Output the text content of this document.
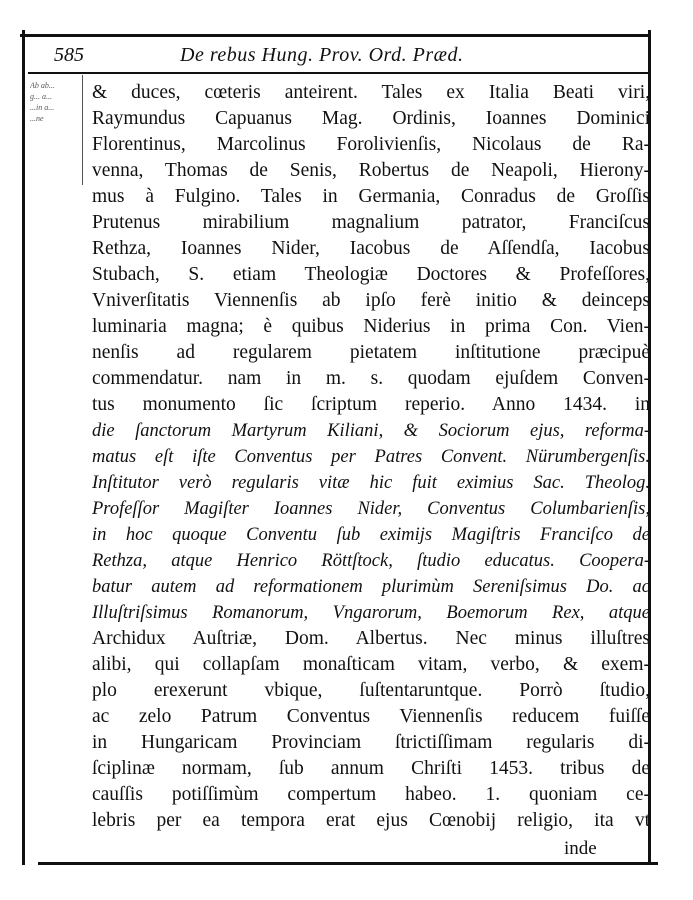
585	De rebus Hung. Prov. Ord. Præd.
Ab ab...
g... a...
...in a...
...ne
& duces, cœteris anteirent. Tales ex Italia Beati viri,
Raymundus Capuanus Mag. Ordinis, Ioannes Dominici
Florentinus, Marcolinus Forolivienſis, Nicolaus de Ra-
venna, Thomas de Senis, Robertus de Neapoli, Hierony-
mus à Fulgino. Tales in Germania, Conradus de Groſſis
Prutenus mirabilium magnalium patrator, Franciſcus
Rethza, Ioannes Nider, Iacobus de Aſſendſa, Iacobus
Stubach, S. etiam Theologiæ Doctores & Profeſſores,
Vniverſitatis Viennenſis ab ipſo ferè initio & deinceps
luminaria magna; è quibus Niderius in prima Con. Vien-
nenſis ad regularem pietatem inſtitutione præcipuè
commendatur. nam in m. s. quodam ejuſdem Conven-
tus monumento ſic ſcriptum reperio. Anno 1434. in
die ſanctorum Martyrum Kiliani, & Sociorum ejus, reforma-
matus eſt iſte Conventus per Patres Convent. Nürumbergenſis.
Inſtitutor verò regularis vitæ hic fuit eximius Sac. Theolog.
Profeſſor Magiſter Ioannes Nider, Conventus Columbarienſis,
in hoc quoque Conventu ſub eximijs Magiſtris Franciſco de
Rethza, atque Henrico Röttſtock, ſtudio educatus. Coopera-
batur autem ad reformationem plurimùm Sereniſsimus Do. ac
Illuſtriſsimus Romanorum, Vngarorum, Boemorum Rex, atque
Archidux Auſtriæ, Dom. Albertus. Nec minus illuſtres
alibi, qui collapſam monaſticam vitam, verbo, & exem-
plo erexerunt vbique, ſuſtentaruntque. Porrò ſtudio,
ac zelo Patrum Conventus Viennenſis reducem fuiſſe
in Hungaricam Provinciam ſtrictiſſimam regularis di-
ſciplinæ normam, ſub annum Chriſti 1453. tribus de
cauſſis potiſſimùm compertum habeo. 1. quoniam ce-
lebris per ea tempora erat ejus Cœnobij religio, ita vt
inde
